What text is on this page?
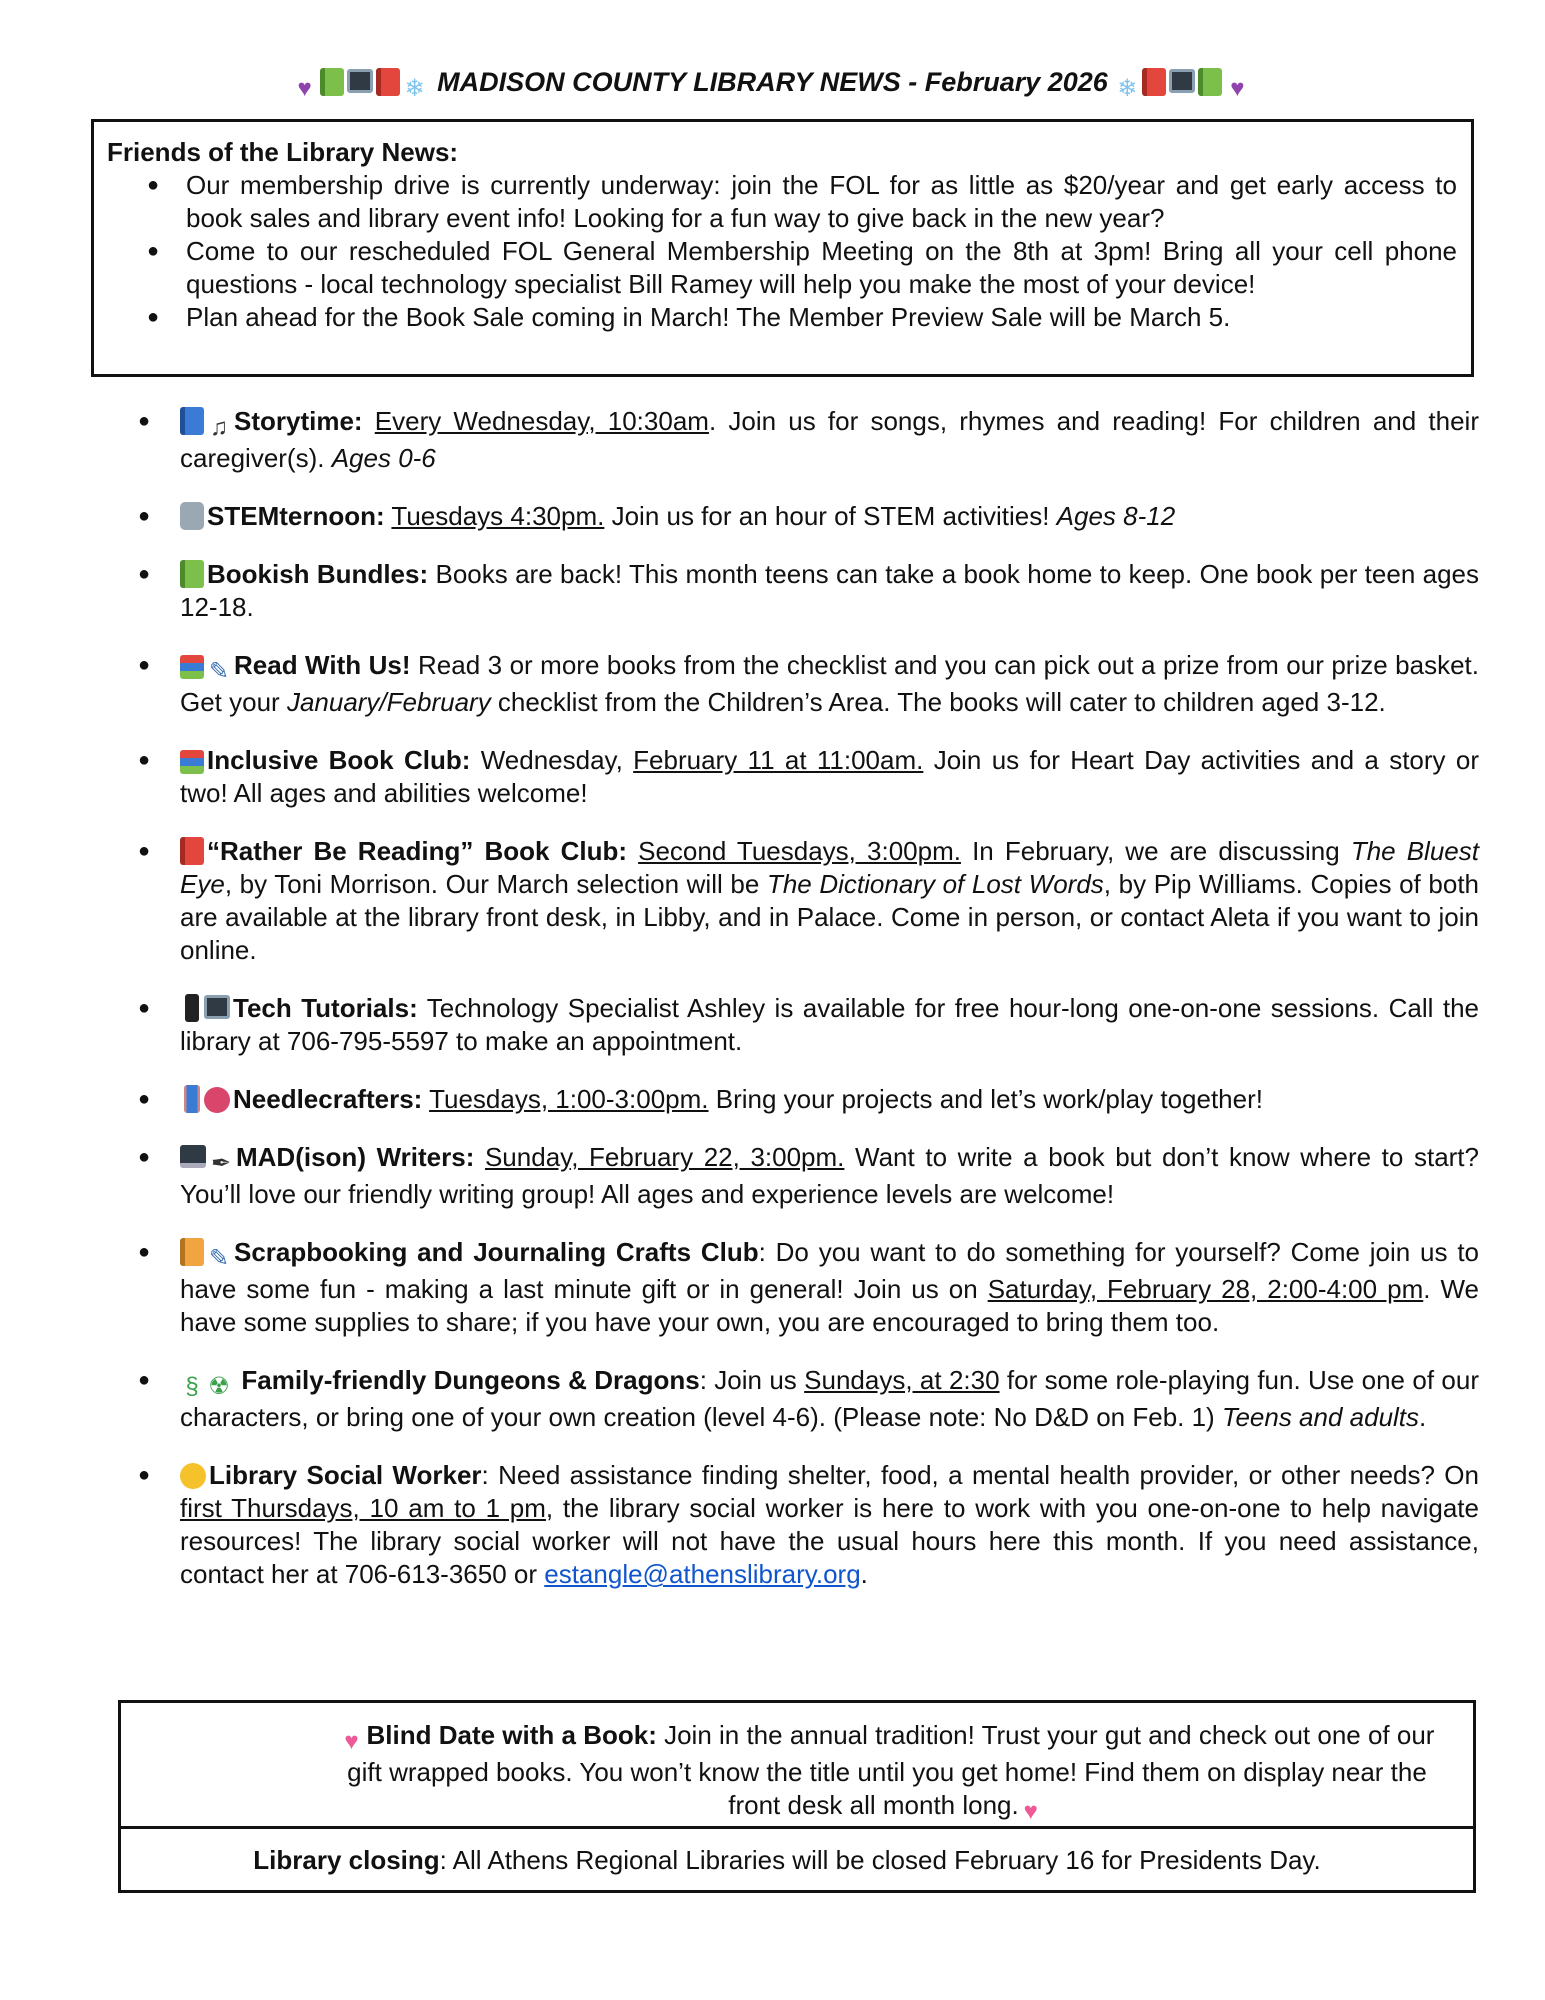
♥	❄ MADISON COUNTY LIBRARY NEWS - February 2026 ❄	♥
Friends of the Library News:
● Our membership drive is currently underway: join the FOL for as little as $20/year and get early access to book sales and library event info! Looking for a fun way to give back in the new year?
● Come to our rescheduled FOL General Membership Meeting on the 8th at 3pm! Bring all your cell phone questions - local technology specialist Bill Ramey will help you make the most of your device!
● Plan ahead for the Book Sale coming in March! The Member Preview Sale will be March 5.
● ♫ Storytime: Every Wednesday, 10:30am. Join us for songs, rhymes and reading! For children and their caregiver(s). Ages 0-6
● STEMternoon: Tuesdays 4:30pm. Join us for an hour of STEM activities! Ages 8-12
● Bookish Bundles: Books are back! This month teens can take a book home to keep. One book per teen ages 12-18.
● ✎ Read With Us! Read 3 or more books from the checklist and you can pick out a prize from our prize basket. Get your January/February checklist from the Children’s Area. The books will cater to children aged 3-12.
● Inclusive Book Club: Wednesday, February 11 at 11:00am. Join us for Heart Day activities and a story or two! All ages and abilities welcome!
● “Rather Be Reading” Book Club: Second Tuesdays, 3:00pm. In February, we are discussing The Bluest Eye, by Toni Morrison. Our March selection will be The Dictionary of Lost Words, by Pip Williams. Copies of both are available at the library front desk, in Libby, and in Palace. Come in person, or contact Aleta if you want to join online.
●	Tech Tutorials: Technology Specialist Ashley is available for free hour-long one-on-one sessions. Call the library at 706-795-5597 to make an appointment.
●	Needlecrafters: Tuesdays, 1:00-3:00pm. Bring your projects and let’s work/play together!
●	✒ MAD(ison) Writers: Sunday, February 22, 3:00pm. Want to write a book but don’t know where to start? You’ll love our friendly writing group! All ages and experience levels are welcome!
● ✎ Scrapbooking and Journaling Crafts Club: Do you want to do something for yourself? Come join us to have some fun - making a last minute gift or in general! Join us on Saturday, February 28, 2:00-4:00 pm. We have some supplies to share; if you have your own, you are encouraged to bring them too.
● § ☢ Family-friendly Dungeons & Dragons: Join us Sundays, at 2:30 for some role-playing fun. Use one of our characters, or bring one of your own creation (level 4-6). (Please note: No D&D on Feb. 1) Teens and adults.
● Library Social Worker: Need assistance finding shelter, food, a mental health provider, or other needs? On first Thursdays, 10 am to 1 pm, the library social worker is here to work with you one-on-one to help navigate resources! The library social worker will not have the usual hours here this month. If you need assistance, contact her at 706-613-3650 or estangle@athenslibrary.org.
♥ Blind Date with a Book: Join in the annual tradition! Trust your gut and check out one of our gift wrapped books. You won’t know the title until you get home! Find them on display near the front desk all month long. ♥
Library closing: All Athens Regional Libraries will be closed February 16 for Presidents Day.
